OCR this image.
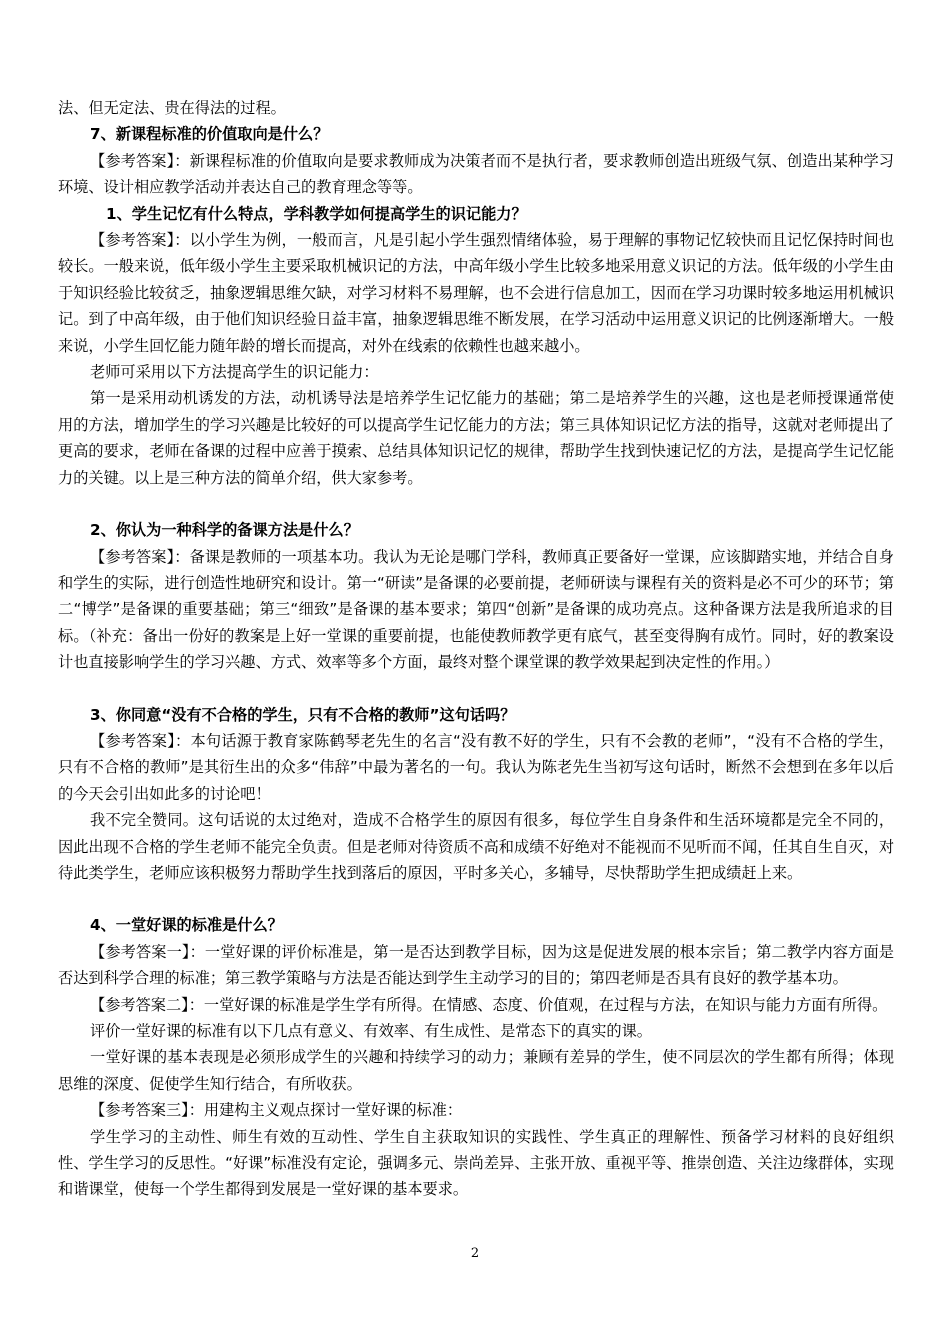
法、但无定法、贵在得法的过程。

7、新课程标准的价值取向是什么？

【参考答案】：新课程标准的价值取向是要求教师成为决策者而不是执行者，要求教师创造出班级气氛、创造出某种学习环境、设计相应教学活动并表达自己的教育理念等等。

1、学生记忆有什么特点，学科教学如何提高学生的识记能力？

【参考答案】：以小学生为例，一般而言，凡是引起小学生强烈情绪体验，易于理解的事物记忆较快而且记忆保持时间也较长。一般来说，低年级小学生主要采取机械识记的方法，中高年级小学生比较多地采用意义识记的方法。低年级的小学生由于知识经验比较贫乏，抽象逻辑思维欠缺，对学习材料不易理解，也不会进行信息加工，因而在学习功课时较多地运用机械识记。到了中高年级，由于他们知识经验日益丰富，抽象逻辑思维不断发展，在学习活动中运用意义识记的比例逐渐增大。一般来说，小学生回忆能力随年龄的增长而提高，对外在线索的依赖性也越来越小。

老师可采用以下方法提高学生的识记能力：

第一是采用动机诱发的方法，动机诱导法是培养学生记忆能力的基础；第二是培养学生的兴趣，这也是老师授课通常使用的方法，增加学生的学习兴趣是比较好的可以提高学生记忆能力的方法；第三具体知识记忆方法的指导，这就对老师提出了更高的要求，老师在备课的过程中应善于摸索、总结具体知识记忆的规律，帮助学生找到快速记忆的方法，是提高学生记忆能力的关键。以上是三种方法的简单介绍，供大家参考。

2、你认为一种科学的备课方法是什么？

【参考答案】：备课是教师的一项基本功。我认为无论是哪门学科，教师真正要备好一堂课，应该脚踏实地，并结合自身和学生的实际，进行创造性地研究和设计。第一“研读”是备课的必要前提，老师研读与课程有关的资料是必不可少的环节；第二“博学”是备课的重要基础；第三“细致”是备课的基本要求；第四“创新”是备课的成功亮点。这种备课方法是我所追求的目标。（补充：备出一份好的教案是上好一堂课的重要前提，也能使教师教学更有底气，甚至变得胸有成竹。同时，好的教案设计也直接影响学生的学习兴趣、方式、效率等多个方面，最终对整个课堂课的教学效果起到决定性的作用。）

3、你同意“没有不合格的学生，只有不合格的教师”这句话吗？

【参考答案】：本句话源于教育家陈鹤琴老先生的名言“没有教不好的学生，只有不会教的老师”，“没有不合格的学生，只有不合格的教师”是其衍生出的众多“伟辞”中最为著名的一句。我认为陈老先生当初写这句话时，断然不会想到在多年以后的今天会引出如此多的讨论吧！

我不完全赞同。这句话说的太过绝对，造成不合格学生的原因有很多，每位学生自身条件和生活环境都是完全不同的，因此出现不合格的学生老师不能完全负责。但是老师对待资质不高和成绩不好绝对不能视而不见听而不闻，任其自生自灭，对待此类学生，老师应该积极努力帮助学生找到落后的原因，平时多关心，多辅导，尽快帮助学生把成绩赶上来。

4、一堂好课的标准是什么？

【参考答案一】：一堂好课的评价标准是，第一是否达到教学目标，因为这是促进发展的根本宗旨；第二教学内容方面是否达到科学合理的标准；第三教学策略与方法是否能达到学生主动学习的目的；第四老师是否具有良好的教学基本功。

【参考答案二】：一堂好课的标准是学生学有所得。在情感、态度、价值观，在过程与方法，在知识与能力方面有所得。

评价一堂好课的标准有以下几点有意义、有效率、有生成性、是常态下的真实的课。

一堂好课的基本表现是必须形成学生的兴趣和持续学习的动力；兼顾有差异的学生，使不同层次的学生都有所得；体现思维的深度、促使学生知行结合，有所收获。

【参考答案三】：用建构主义观点探讨一堂好课的标准：

学生学习的主动性、师生有效的互动性、学生自主获取知识的实践性、学生真正的理解性、预备学习材料的良好组织性、学生学习的反思性。“好课”标准没有定论，强调多元、崇尚差异、主张开放、重视平等、推崇创造、关注边缘群体，实现和谐课堂，使每一个学生都得到发展是一堂好课的基本要求。

2
